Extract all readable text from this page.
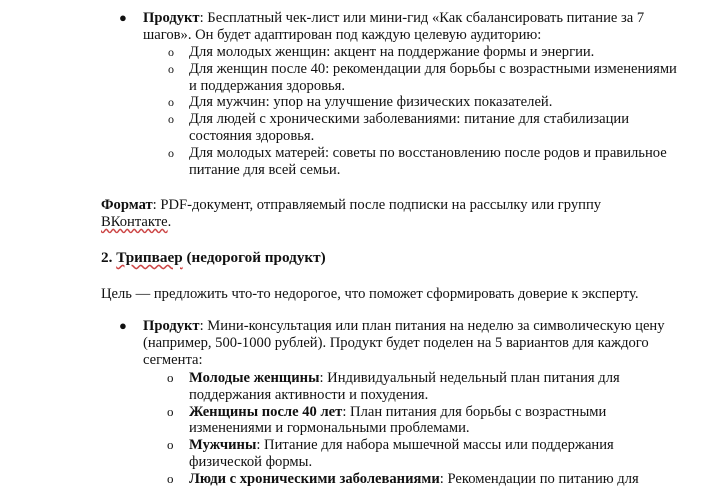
● Продукт: Бесплатный чек-лист или мини-гид «Как сбалансировать питание за 7 шагов». Он будет адаптирован под каждую целевую аудиторию:
o Для молодых женщин: акцент на поддержание формы и энергии.
o Для женщин после 40: рекомендации для борьбы с возрастными изменениями и поддержания здоровья.
o Для мужчин: упор на улучшение физических показателей.
o Для людей с хроническими заболеваниями: питание для стабилизации состояния здоровья.
o Для молодых матерей: советы по восстановлению после родов и правильное питание для всей семьи.

Формат: PDF-документ, отправляемый после подписки на рассылку или группу ВКонтакте.

2. Трипваер (недорогой продукт)

Цель — предложить что-то недорогое, что поможет сформировать доверие к эксперту.

● Продукт: Мини-консультация или план питания на неделю за символическую цену (например, 500-1000 рублей). Продукт будет поделен на 5 вариантов для каждого сегмента:
o Молодые женщины: Индивидуальный недельный план питания для поддержания активности и похудения.
o Женщины после 40 лет: План питания для борьбы с возрастными изменениями и гормональными проблемами.
o Мужчины: Питание для набора мышечной массы или поддержания физической формы.
o Люди с хроническими заболеваниями: Рекомендации по питанию для
